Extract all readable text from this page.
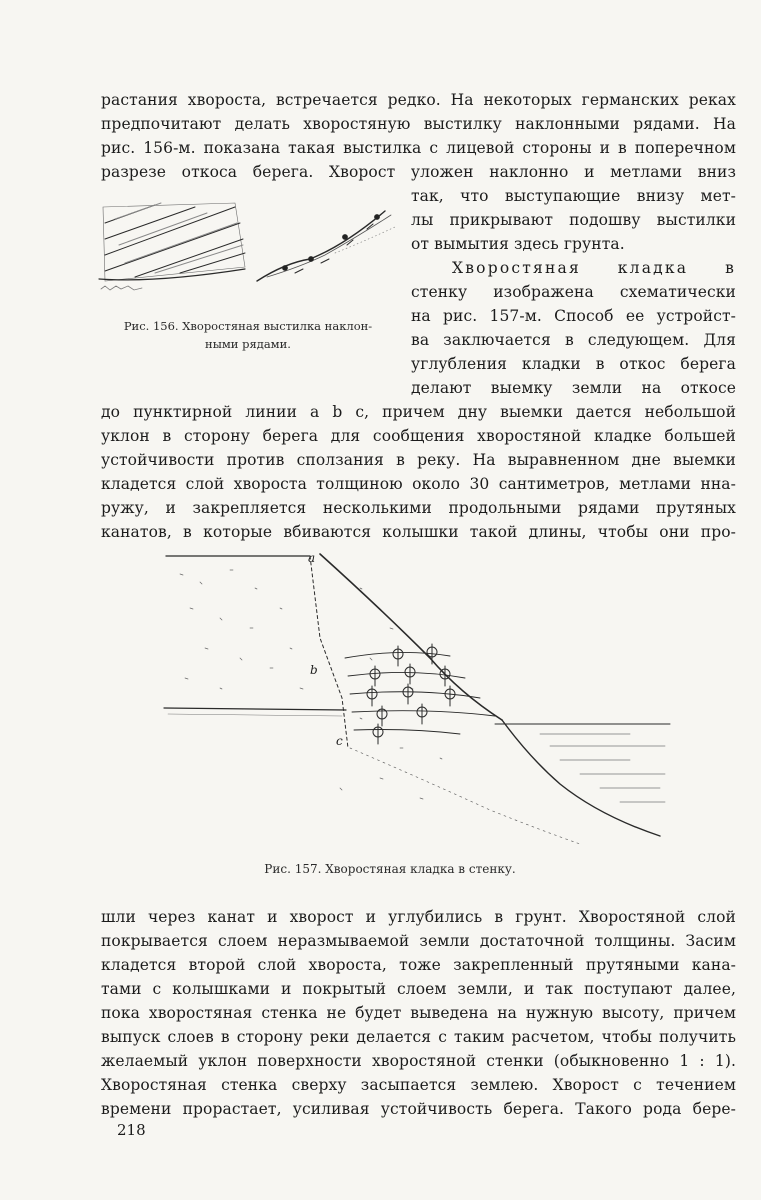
растания хвороста, встречается редко. На некоторых германских реках
предпочитают делать хворостяную выстилку наклонными рядами. На
рис. 156-м. показана такая выстилка с лицевой стороны и в поперечном
разрезе откоса берега. Хворост уложен наклонно и метлами вниз
так, что выступающие внизу мет-
лы прикрывают подошву выстилки
от вымытия здесь грунта.
Хворостяная кладка в
стенку изображена схематически
на рис. 157-м. Способ ее устройст-
ва заключается в следующем. Для
углубления кладки в откос берега
делают выемку земли на откосе
до пунктирной линии a b c, причем дну выемки дается небольшой
уклон в сторону берега для сообщения хворостяной кладке большей
устойчивости против сползания в реку. На выравненном дне выемки
кладется слой хвороста толщиною около 30 сантиметров, метлами нна-
ружу, и закрепляется несколькими продольными рядами прутяных
канатов, в которые вбиваются колышки такой длины, чтобы они про-
Рис. 156. Хворостяная выстилка наклон-
ными рядами.
a
b
c
Рис. 157. Хворостяная кладка в стенку.
шли через канат и хворост и углубились в грунт. Хворостяной слой
покрывается слоем неразмываемой земли достаточной толщины. Засим
кладется второй слой хвороста, тоже закрепленный прутяными кана-
тами с колышками и покрытый слоем земли, и так поступают далее,
пока хворостяная стенка не будет выведена на нужную высоту, причем
выпуск слоев в сторону реки делается с таким расчетом, чтобы получить
желаемый уклон поверхности хворостяной стенки (обыкновенно 1 : 1).
Хворостяная стенка сверху засыпается землею. Хворост с течением
времени прорастает, усиливая устойчивость берега. Такого рода бере-
218
